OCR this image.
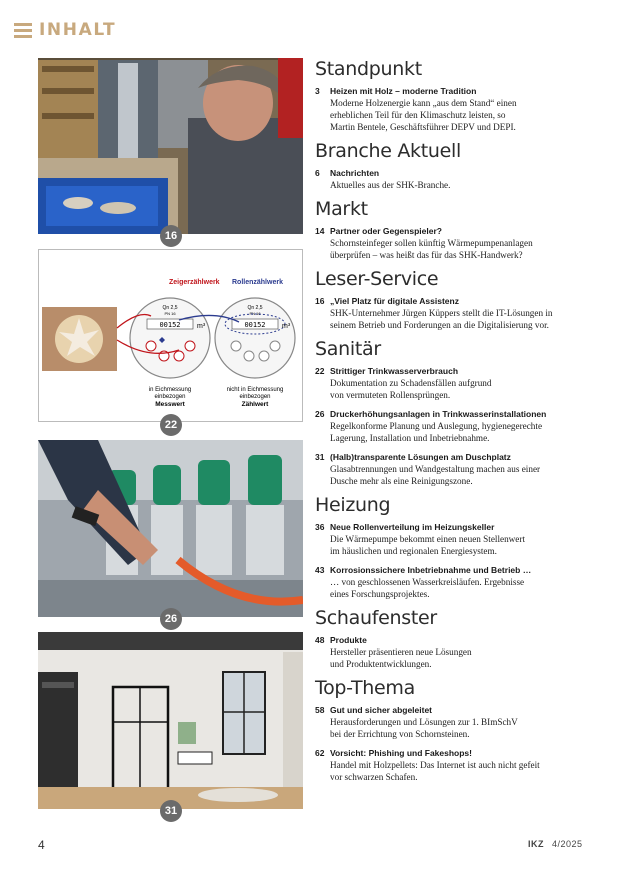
INHALT
16
Zeigerzählwerk Rollenzählwerk
Qn 2,5
PN 16
00152 m³
Qn 2,5
PN 16
00152 m³
in Eichmessung
einbezogen
Messwert
nicht in Eichmessung
einbezogen
Zählwert
22
26
31
Standpunkt
3	Heizen mit Holz – moderne Tradition
Moderne Holzenergie kann „aus dem Stand“ einen
erheblichen Teil für den Klimaschutz leisten, so
Martin Bentele, Geschäftsführer DEPV und DEPI.
Branche Aktuell
6	Nachrichten
Aktuelles aus der SHK-Branche.
Markt
14 Partner oder Gegenspieler?
Schornsteinfeger sollen künftig Wärmepumpenanlagen
überprüfen – was heißt das für das SHK-Handwerk?
Leser-Service
16 „Viel Platz für digitale Assistenz
SHK-Unternehmer Jürgen Küppers stellt die IT-Lösungen in
seinem Betrieb und Forderungen an die Digitalisierung vor.
Sanitär
22 Strittiger Trinkwasserverbrauch
Dokumentation zu Schadensfällen aufgrund
von vermuteten Rollensprüngen.
26 Druckerhöhungsanlagen in Trinkwasserinstallationen
Regelkonforme Planung und Auslegung, hygienegerechte
Lagerung, Installation und Inbetriebnahme.
31 (Halb)transparente Lösungen am Duschplatz
Glasabtrennungen und Wandgestaltung machen aus einer
Dusche mehr als eine Reinigungszone.
Heizung
36 Neue Rollenverteilung im Heizungskeller
Die Wärmepumpe bekommt einen neuen Stellenwert
im häuslichen und regionalen Energiesystem.
43 Korrosionssichere Inbetriebnahme und Betrieb …
… von geschlossenen Wasserkreisläufen. Ergebnisse
eines Forschungsprojektes.
Schaufenster
48 Produkte
Hersteller präsentieren neue Lösungen
und Produktentwicklungen.
Top-Thema
58 Gut und sicher abgeleitet
Herausforderungen und Lösungen zur 1. BImSchV
bei der Errichtung von Schornsteinen.
62 Vorsicht: Phishing und Fakeshops!
Handel mit Holzpellets: Das Internet ist auch nicht gefeit
vor schwarzen Schafen.
4	IKZ 4/2025
